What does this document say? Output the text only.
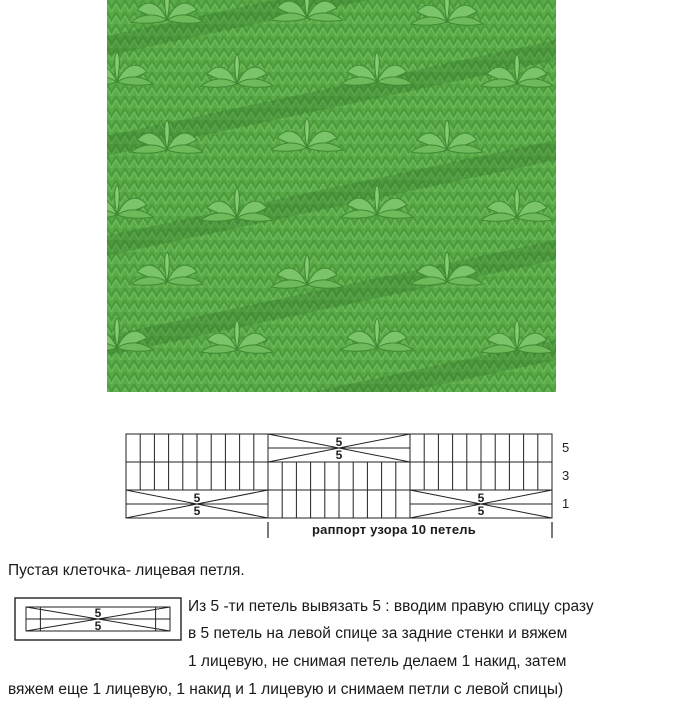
5
5
5
5
5
5
5
3
1
раппорт узора 10 петель
Пустая клеточка- лицевая петля.
5
5
Из 5 -ти петель вывязать 5 : вводим правую спицу сразу
в 5 петель на левой спице за задние стенки и вяжем
1 лицевую, не снимая петель делаем 1 накид, затем
вяжем еще 1 лицевую, 1 накид и 1 лицевую и снимаем петли с левой спицы)
